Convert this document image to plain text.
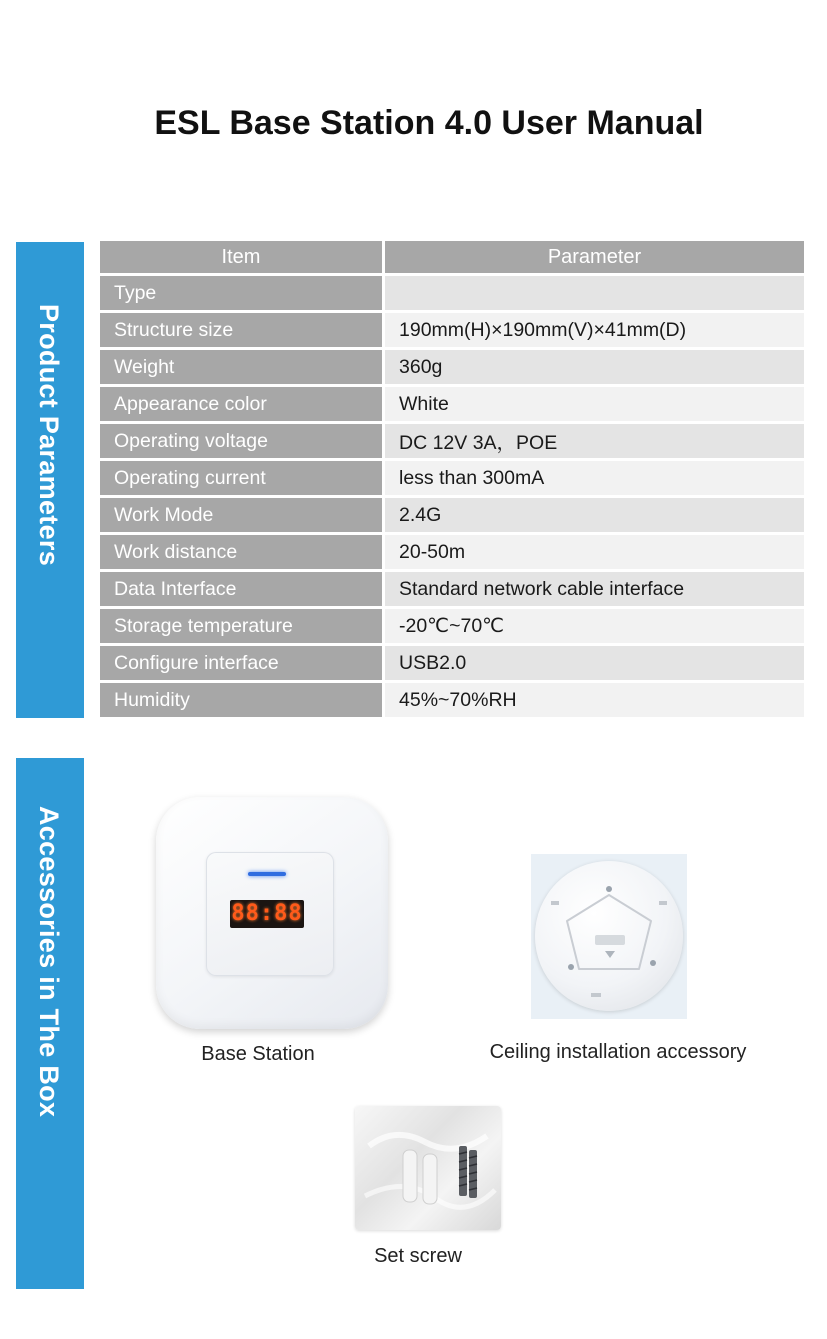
ESL Base Station 4.0 User Manual
Product Parameters
Item	Parameter
Type	
Structure size	190mm(H)×190mm(V)×41mm(D)
Weight	360g
Appearance color	White
Operating voltage	DC 12V 3A，POE
Operating current	less than 300mA
Work Mode	2.4G
Work distance	20-50m
Data Interface	Standard network cable interface
Storage temperature	-20℃~70℃
Configure interface	USB2.0
Humidity	45%~70%RH
Accessories in The Box	88:88
Base Station	Ceiling installation accessory
Set screw
